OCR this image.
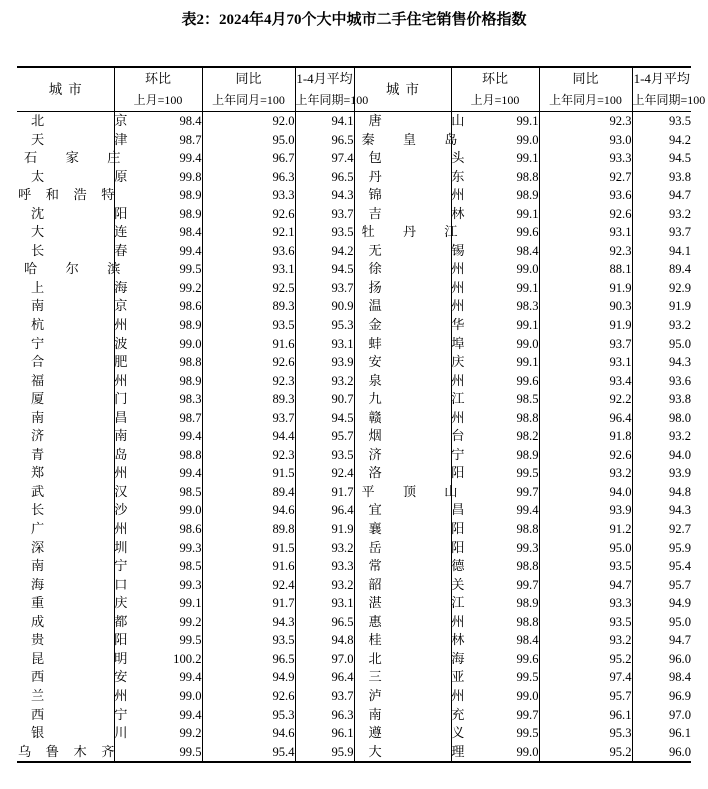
表2：2024年4月70个大中城市二手住宅销售价格指数
城市	环比	同比	1-4月平均	城市	环比	同比	1-4月平均
	上月=100	上年同月=100	上年同期=100		上月=100	上年同月=100	上年同期=100

北京	98.4	92.0	94.1	唐山	99.1	92.3	93.5

天津	98.7	95.0	96.5	秦皇岛	99.0	93.0	94.2

石家庄	99.4	96.7	97.4	包头	99.1	93.3	94.5

太原	99.8	96.3	96.5	丹东	98.8	92.7	93.8

呼和浩特	98.9	93.3	94.3	锦州	98.9	93.6	94.7

沈阳	98.9	92.6	93.7	吉林	99.1	92.6	93.2

大连	98.4	92.1	93.5	牡丹江	99.6	93.1	93.7

长春	99.4	93.6	94.2	无锡	98.4	92.3	94.1

哈尔滨	99.5	93.1	94.5	徐州	99.0	88.1	89.4

上海	99.2	92.5	93.7	扬州	99.1	91.9	92.9

南京	98.6	89.3	90.9	温州	98.3	90.3	91.9

杭州	98.9	93.5	95.3	金华	99.1	91.9	93.2

宁波	99.0	91.6	93.1	蚌埠	99.0	93.7	95.0

合肥	98.8	92.6	93.9	安庆	99.1	93.1	94.3

福州	98.9	92.3	93.2	泉州	99.6	93.4	93.6

厦门	98.3	89.3	90.7	九江	98.5	92.2	93.8

南昌	98.7	93.7	94.5	赣州	98.8	96.4	98.0

济南	99.4	94.4	95.7	烟台	98.2	91.8	93.2

青岛	98.8	92.3	93.5	济宁	98.9	92.6	94.0

郑州	99.4	91.5	92.4	洛阳	99.5	93.2	93.9

武汉	98.5	89.4	91.7	平顶山	99.7	94.0	94.8

长沙	99.0	94.6	96.4	宜昌	99.4	93.9	94.3

广州	98.6	89.8	91.9	襄阳	98.8	91.2	92.7

深圳	99.3	91.5	93.2	岳阳	99.3	95.0	95.9

南宁	98.5	91.6	93.3	常德	98.8	93.5	95.4

海口	99.3	92.4	93.2	韶关	99.7	94.7	95.7

重庆	99.1	91.7	93.1	湛江	98.9	93.3	94.9

成都	99.2	94.3	96.5	惠州	98.8	93.5	95.0

贵阳	99.5	93.5	94.8	桂林	98.4	93.2	94.7

昆明	100.2	96.5	97.0	北海	99.6	95.2	96.0

西安	99.4	94.9	96.4	三亚	99.5	97.4	98.4

兰州	99.0	92.6	93.7	泸州	99.0	95.7	96.9

西宁	99.4	95.3	96.3	南充	99.7	96.1	97.0

银川	99.2	94.6	96.1	遵义	99.5	95.3	96.1

乌鲁木齐	99.5	95.4	95.9	大理	99.0	95.2	96.0
